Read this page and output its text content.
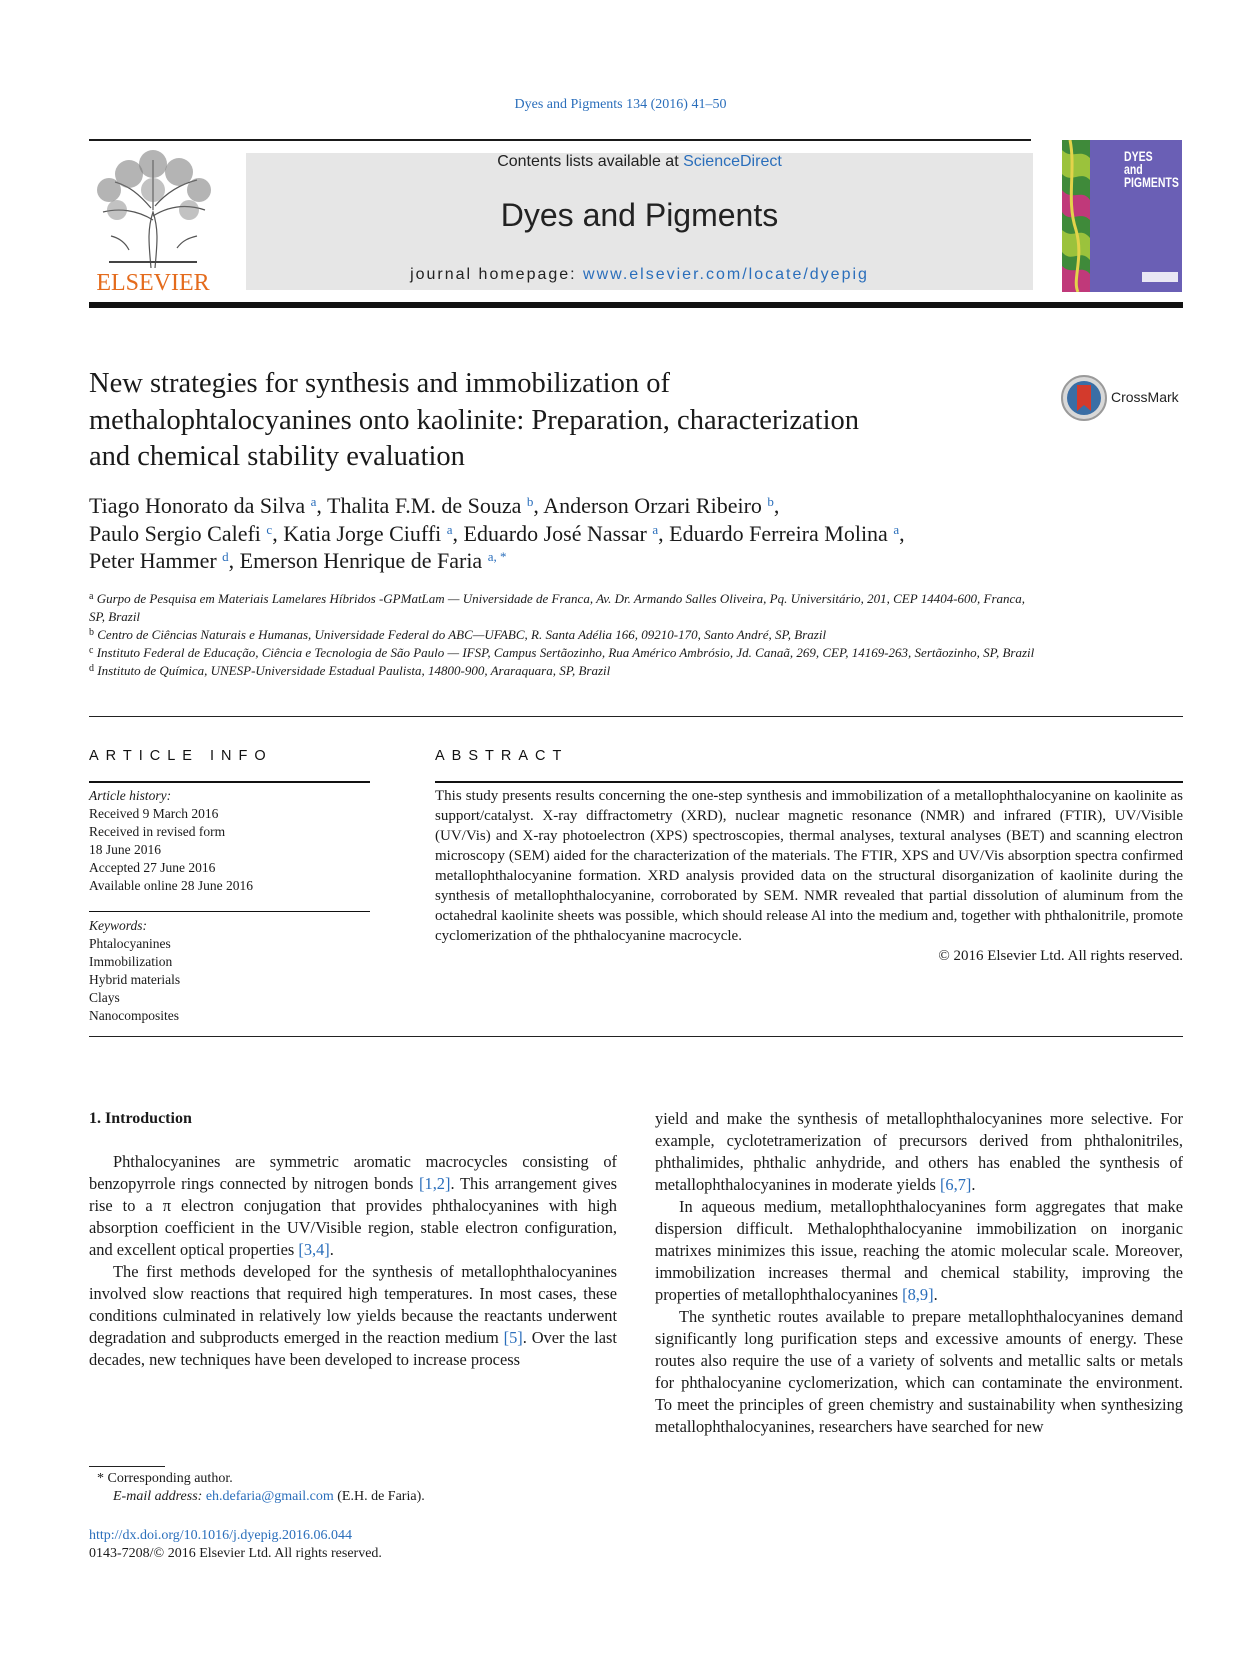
Dyes and Pigments 134 (2016) 41–50
ELSEVIER
Contents lists available at ScienceDirect
Dyes and Pigments
journal homepage: www.elsevier.com/locate/dyepig
DYES
and
PIGMENTS
New strategies for synthesis and immobilization of
methalophtalocyanines onto kaolinite: Preparation, characterization
and chemical stability evaluation
CrossMark
Tiago Honorato da Silva $^a$, Thalita F.M. de Souza $^b$, Anderson Orzari Ribeiro $^b$,
Paulo Sergio Calefi $^c$, Katia Jorge Ciuffi $^a$, Eduardo José Nassar $^a$, Eduardo Ferreira Molina $^a$,
Peter Hammer $^d$, Emerson Henrique de Faria $^{a, *}$
$^a$ Gurpo de Pesquisa em Materiais Lamelares Híbridos -GPMatLam — Universidade de Franca, Av. Dr. Armando Salles Oliveira, Pq. Universitário, 201, CEP 14404-600, Franca, SP, Brazil
$^b$ Centro de Ciências Naturais e Humanas, Universidade Federal do ABC—UFABC, R. Santa Adélia 166, 09210-170, Santo André, SP, Brazil
$^c$ Instituto Federal de Educação, Ciência e Tecnologia de São Paulo — IFSP, Campus Sertãozinho, Rua Américo Ambrósio, Jd. Canaã, 269, CEP, 14169-263, Sertãozinho, SP, Brazil
$^d$ Instituto de Química, UNESP-Universidade Estadual Paulista, 14800-900, Araraquara, SP, Brazil
ARTICLE INFO
Article history:
Received 9 March 2016
Received in revised form
18 June 2016
Accepted 27 June 2016
Available online 28 June 2016
Keywords:
Phtalocyanines
Immobilization
Hybrid materials
Clays
Nanocomposites
ABSTRACT
This study presents results concerning the one-step synthesis and immobilization of a metallophthalocyanine on kaolinite as support/catalyst. X-ray diffractometry (XRD), nuclear magnetic resonance (NMR) and infrared (FTIR), UV/Visible (UV/Vis) and X-ray photoelectron (XPS) spectroscopies, thermal analyses, textural analyses (BET) and scanning electron microscopy (SEM) aided for the characterization of the materials. The FTIR, XPS and UV/Vis absorption spectra confirmed metallophthalocyanine formation. XRD analysis provided data on the structural disorganization of kaolinite during the synthesis of metallophthalocyanine, corroborated by SEM. NMR revealed that partial dissolution of aluminum from the octahedral kaolinite sheets was possible, which should release Al into the medium and, together with phthalonitrile, promote cyclomerization of the phthalocyanine macrocycle.
© 2016 Elsevier Ltd. All rights reserved.
1. Introduction

Phthalocyanines are symmetric aromatic macrocycles consisting of benzopyrrole rings connected by nitrogen bonds [1,2]. This arrangement gives rise to a π electron conjugation that provides phthalocyanines with high absorption coefficient in the UV/Visible region, stable electron configuration, and excellent optical properties [3,4].

The first methods developed for the synthesis of metallophthalocyanines involved slow reactions that required high temperatures. In most cases, these conditions culminated in relatively low yields because the reactants underwent degradation and subproducts emerged in the reaction medium [5]. Over the last decades, new techniques have been developed to increase process

yield and make the synthesis of metallophthalocyanines more selective. For example, cyclotetramerization of precursors derived from phthalonitriles, phthalimides, phthalic anhydride, and others has enabled the synthesis of metallophthalocyanines in moderate yields [6,7].

In aqueous medium, metallophthalocyanines form aggregates that make dispersion difficult. Methalophthalocyanine immobilization on inorganic matrixes minimizes this issue, reaching the atomic molecular scale. Moreover, immobilization increases thermal and chemical stability, improving the properties of metallophthalocyanines [8,9].

The synthetic routes available to prepare metallophthalocyanines demand significantly long purification steps and excessive amounts of energy. These routes also require the use of a variety of solvents and metallic salts or metals for phthalocyanine cyclomerization, which can contaminate the environment. To meet the principles of green chemistry and sustainability when synthesizing metallophthalocyanines, researchers have searched for new

* Corresponding author.
E-mail address: eh.defaria@gmail.com (E.H. de Faria).
http://dx.doi.org/10.1016/j.dyepig.2016.06.044
0143-7208/© 2016 Elsevier Ltd. All rights reserved.
